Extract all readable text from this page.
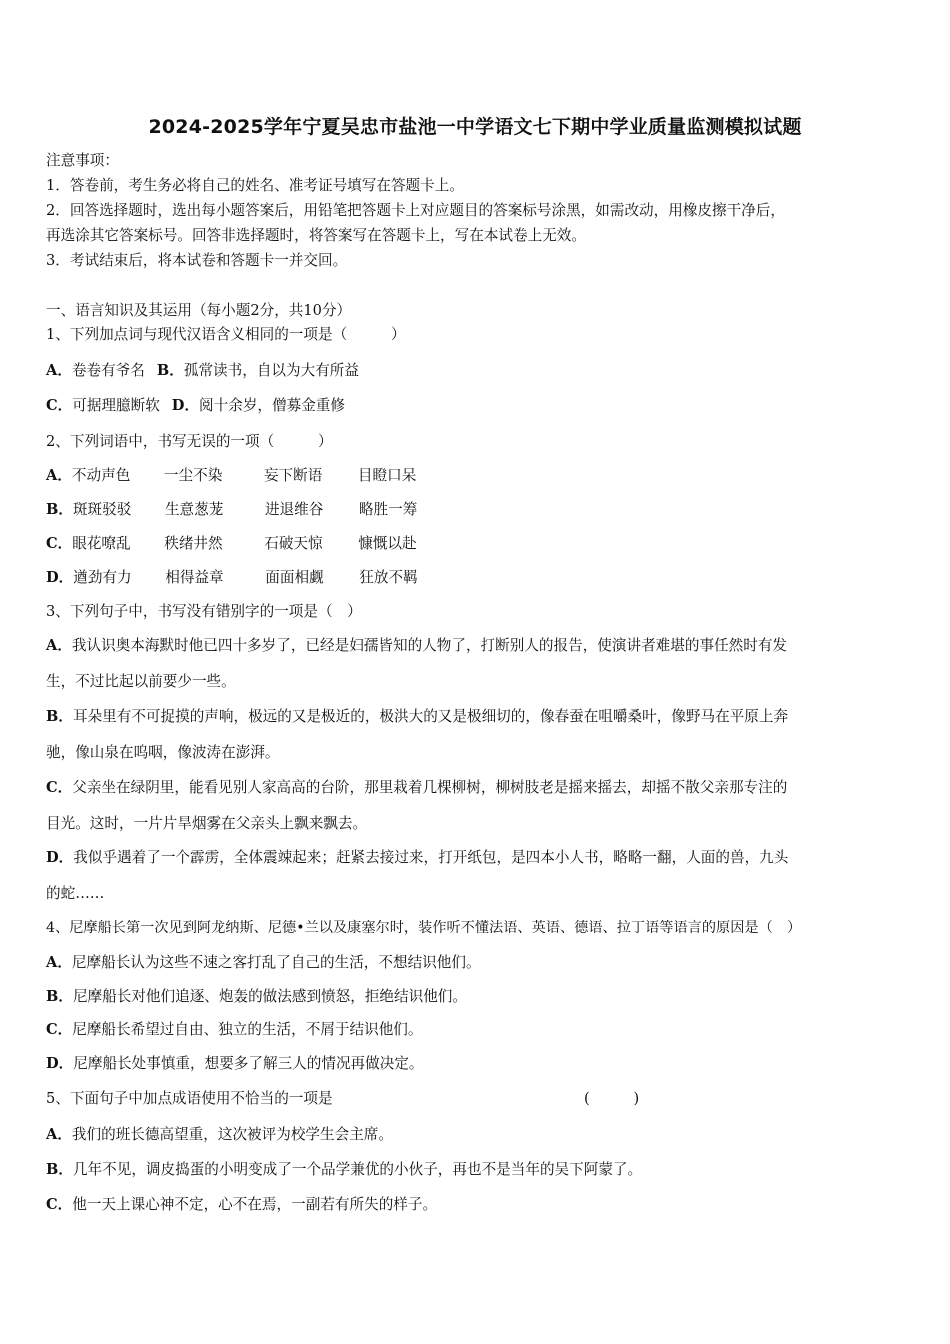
2024-2025学年宁夏吴忠市盐池一中学语文七下期中学业质量监测模拟试题
注意事项：
1．答卷前，考生务必将自己的姓名、准考证号填写在答题卡上。
2．回答选择题时，选出每小题答案后，用铅笔把答题卡上对应题目的答案标号涂黑，如需改动，用橡皮擦干净后，
再选涂其它答案标号。回答非选择题时，将答案写在答题卡上，写在本试卷上无效。
3．考试结束后，将本试卷和答题卡一并交回。
一、语言知识及其运用（每小题2分，共10分）
1、下列加点词与现代汉语含义相同的一项是（　　　）
A．卷卷有爷名 B．孤常读书，自以为大有所益
C．可据理臆断软 D．阅十余岁，僧募金重修
2、下列词语中，书写无误的一项（　　　）
A．不动声色 一尘不染	妄下断语 目瞪口呆
B．斑斑驳驳 生意葱茏	进退维谷 略胜一筹
C．眼花嘹乱 秩绪井然	石破天惊 慷慨以赴
D．遒劲有力 相得益章	面面相觑 狂放不羁
3、下列句子中，书写没有错别字的一项是（　）
A．我认识奥本海默时他已四十多岁了，已经是妇孺皆知的人物了，打断别人的报告，使演讲者难堪的事任然时有发
生，不过比起以前要少一些。
B．耳朵里有不可捉摸的声响，极远的又是极近的，极洪大的又是极细切的，像春蚕在咀嚼桑叶，像野马在平原上奔
驰，像山泉在呜咽，像波涛在澎湃。
C．父亲坐在绿阴里，能看见别人家高高的台阶，那里栽着几棵柳树，柳树肢老是摇来摇去，却摇不散父亲那专注的
目光。这时，一片片旱烟雾在父亲头上飘来飘去。
D．我似乎遇着了一个霹雳，全体震竦起来；赶紧去接过来，打开纸包，是四本小人书，略略一翻，人面的兽，九头
的蛇……
4、尼摩船长第一次见到阿龙纳斯、尼德•兰以及康塞尔时，装作听不懂法语、英语、德语、拉丁语等语言的原因是（　）
A．尼摩船长认为这些不速之客打乱了自己的生活，不想结识他们。
B．尼摩船长对他们追逐、炮轰的做法感到愤怒，拒绝结识他们。
C．尼摩船长希望过自由、独立的生活，不屑于结识他们。
D．尼摩船长处事慎重，想要多了解三人的情况再做决定。
5、下面句子中加点成语使用不恰当的一项是	(　　　)
A．我们的班长德高望重，这次被评为校学生会主席。
B．几年不见，调皮捣蛋的小明变成了一个品学兼优的小伙子，再也不是当年的吴下阿蒙了。
C．他一天上课心神不定，心不在焉，一副若有所失的样子。
